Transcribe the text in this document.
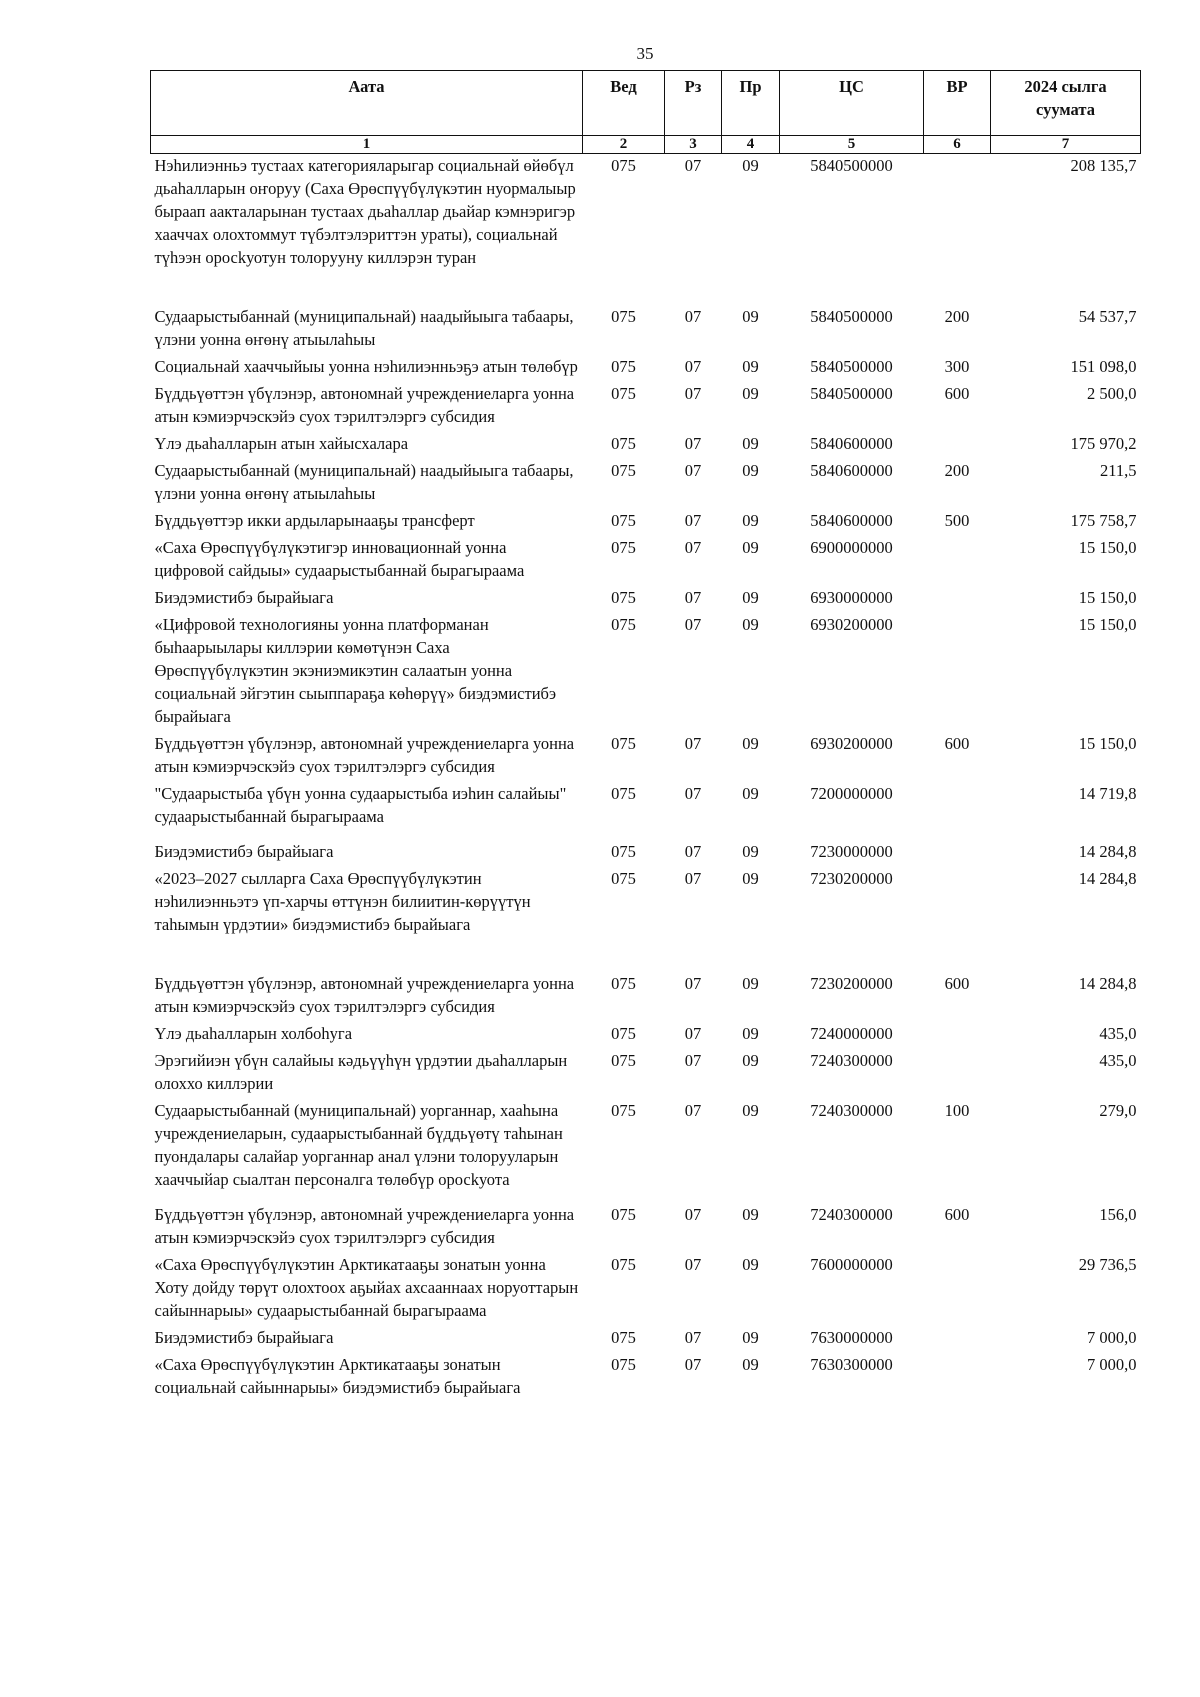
35
Аата	Вед	Рз	Пр	ЦС	ВР	2024 сылга суумата
1	2	3	4	5	6	7
Нэһилиэнньэ тустаах категорияларыгар социальнай өйөбүл дьаһалларын оҥоруу (Саха Өрөспүүбүлүкэтин нуормалыыр быраап аакталарынан тустаах дьаһаллар дьайар кэмнэригэр хааччах олохтоммут түбэлтэлэриттэн ураты), социальнай түһээн оросkуотун толорууну киллэрэн туран	075	07	09	5840500000		208 135,7
Судаарыстыбаннай (муниципальнай) наадыйыыга табаары, үлэни уонна өҥөнү атыылаһыы	075	07	09	5840500000	200	54 537,7
Социальнай хааччыйыы уонна нэһилиэнньэҕэ атын төлөбүр	075	07	09	5840500000	300	151 098,0
Бүддьүөттэн үбүлэнэр, автономнай учреждениеларга уонна атын кэмиэрчэскэйэ суох тэрилтэлэргэ субсидия	075	07	09	5840500000	600	2 500,0
Үлэ дьаһалларын атын хайысхалара	075	07	09	5840600000		175 970,2
Судаарыстыбаннай (муниципальнай) наадыйыыга табаары, үлэни уонна өҥөнү атыылаһыы	075	07	09	5840600000	200	211,5
Бүддьүөттэр икки ардыларынааҕы трансферт	075	07	09	5840600000	500	175 758,7
«Саха Өрөспүүбүлүкэтигэр инновационнай уонна цифровой сайдыы» судаарыстыбаннай бырагыраама	075	07	09	6900000000		15 150,0
Биэдэмистибэ бырайыага	075	07	09	6930000000		15 150,0
«Цифровой технологияны уонна платформанан быһаарыылары киллэрии көмөтүнэн Саха Өрөспүүбүлүкэтин экэниэмикэтин салаатын уонна социальнай эйгэтин сыыппараҕа көһөрүү» биэдэмистибэ бырайыага	075	07	09	6930200000		15 150,0
Бүддьүөттэн үбүлэнэр, автономнай учреждениеларга уонна атын кэмиэрчэскэйэ суох тэрилтэлэргэ субсидия	075	07	09	6930200000	600	15 150,0
"Судаарыстыба үбүн уонна судаарыстыба иэһин салайыы" судаарыстыбаннай бырагыраама	075	07	09	7200000000		14 719,8
Биэдэмистибэ бырайыага	075	07	09	7230000000		14 284,8
«2023–2027 сылларга Саха Өрөспүүбүлүкэтин нэһилиэнньэтэ үп-харчы өттүнэн билиитин-көрүүтүн таһымын үрдэтии» биэдэмистибэ бырайыага	075	07	09	7230200000		14 284,8
Бүддьүөттэн үбүлэнэр, автономнай учреждениеларга уонна атын кэмиэрчэскэйэ суох тэрилтэлэргэ субсидия	075	07	09	7230200000	600	14 284,8
Үлэ дьаһалларын холбоһуга	075	07	09	7240000000		435,0
Эрэгийиэн үбүн салайыы кәдьүүһүн үрдэтии дьаһалларын олоххо киллэрии	075	07	09	7240300000		435,0
Судаарыстыбаннай (муниципальнай) уорганнар, хааһына учреждениеларын, судаарыстыбаннай бүддьүөтү таһынан пуондалары салайар уорганнар анал үлэни толорууларын хааччыйар сыалтан персоналга төлөбүр оросkуота	075	07	09	7240300000	100	279,0
Бүддьүөттэн үбүлэнэр, автономнай учреждениеларга уонна атын кэмиэрчэскэйэ суох тэрилтэлэргэ субсидия	075	07	09	7240300000	600	156,0
«Саха Өрөспүүбүлүкэтин Арктикатааҕы зонатын уонна Хоту дойду төрүт олохтоох аҕыйах ахсааннаах норуоттарын сайыннарыы» судаарыстыбаннай бырагыраама	075	07	09	7600000000		29 736,5
Биэдэмистибэ бырайыага	075	07	09	7630000000		7 000,0
«Саха Өрөспүүбүлүкэтин Арктикатааҕы зонатын социальнай сайыннарыы» биэдэмистибэ бырайыага	075	07	09	7630300000		7 000,0
